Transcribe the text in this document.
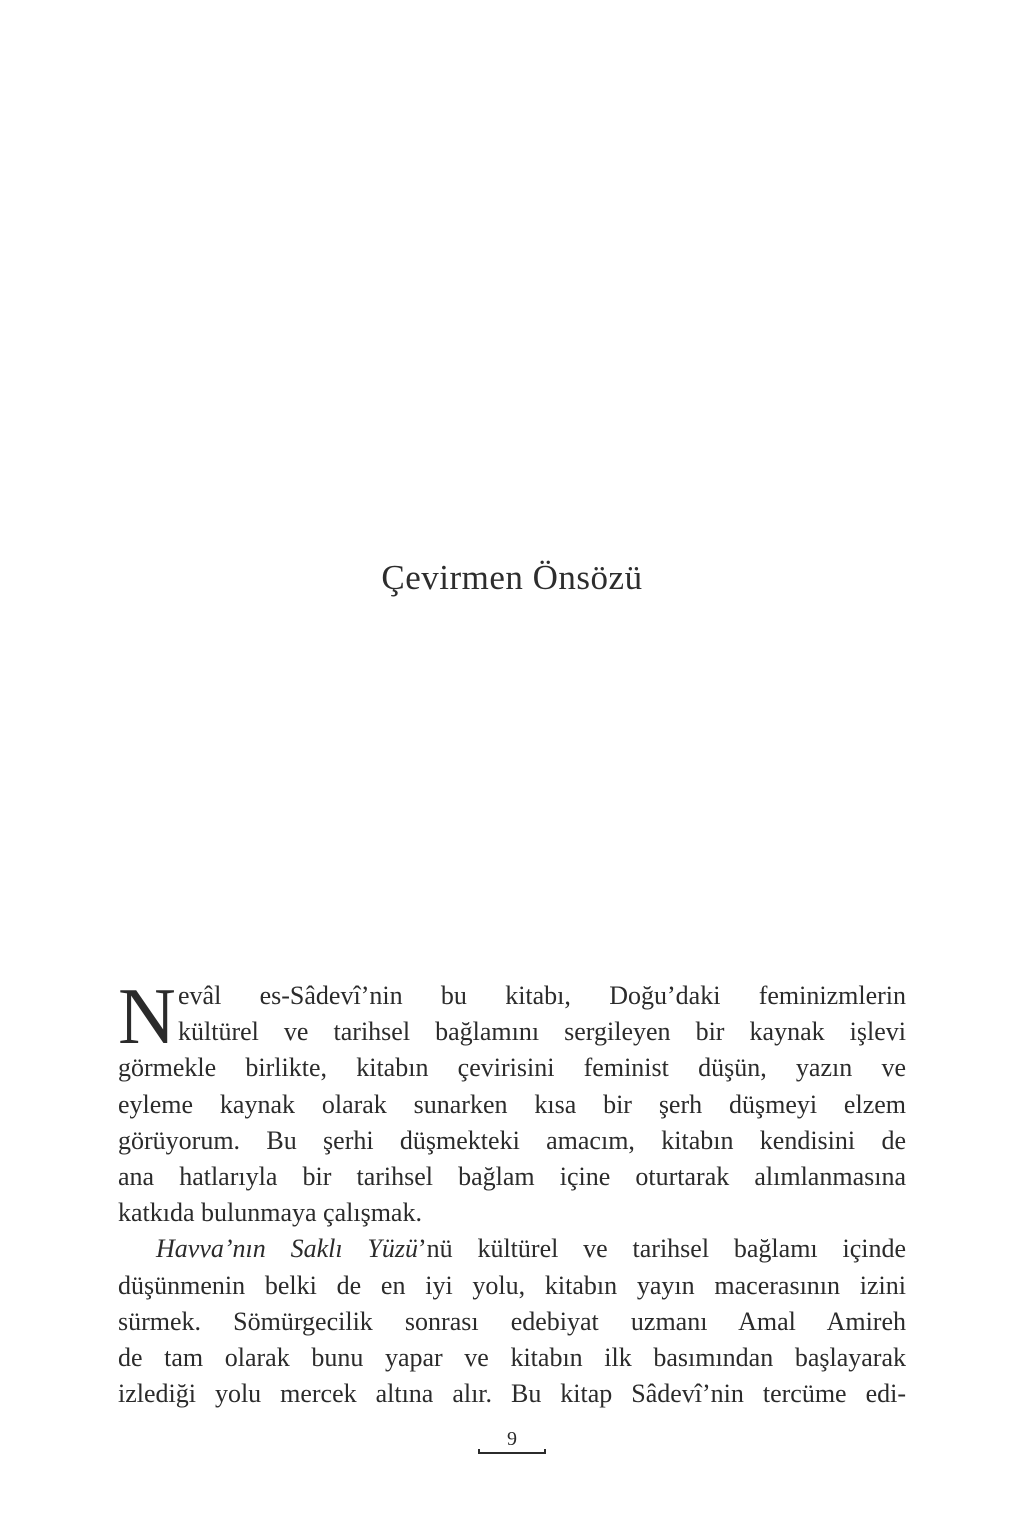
Çevirmen Önsözü
N evâl es-Sâdevî’nin bu kitabı, Doğu’daki feminizmlerin
kültürel ve tarihsel bağlamını sergileyen bir kaynak işlevi
görmekle birlikte, kitabın çevirisini feminist düşün, yazın ve
eyleme kaynak olarak sunarken kısa bir şerh düşmeyi elzem
görüyorum. Bu şerhi düşmekteki amacım, kitabın kendisini de
ana hatlarıyla bir tarihsel bağlam içine oturtarak alımlanmasına
katkıda bulunmaya çalışmak.
Havva’nın Saklı Yüzü’nü kültürel ve tarihsel bağlamı içinde
düşünmenin belki de en iyi yolu, kitabın yayın macerasının izini
sürmek. Sömürgecilik sonrası edebiyat uzmanı Amal Amireh
de tam olarak bunu yapar ve kitabın ilk basımından başlayarak
izlediği yolu mercek altına alır. Bu kitap Sâdevî’nin tercüme edi-
9
